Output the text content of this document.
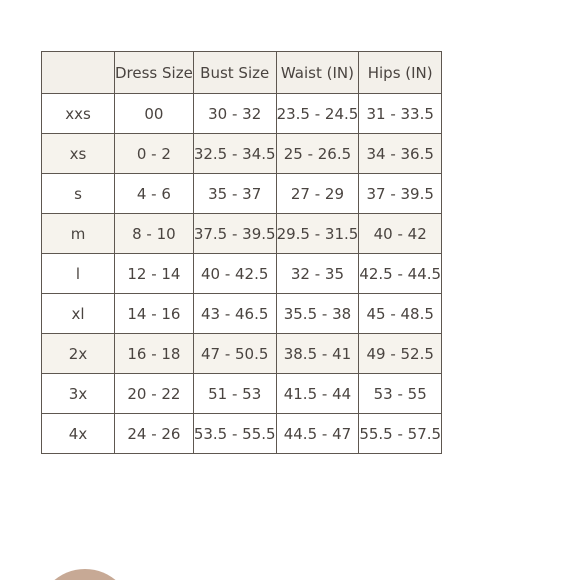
	Dress Size	Bust Size	Waist (IN)	Hips (IN)
xxs	00	30 - 32	23.5 - 24.5	31 - 33.5
xs	0 - 2	32.5 - 34.5	25 - 26.5	34 - 36.5
s	4 - 6	35 - 37	27 - 29	37 - 39.5
m	8 - 10	37.5 - 39.5	29.5 - 31.5	40 - 42
l	12 - 14	40 - 42.5	32 - 35	42.5 - 44.5
xl	14 - 16	43 - 46.5	35.5 - 38	45 - 48.5
2x	16 - 18	47 - 50.5	38.5 - 41	49 - 52.5
3x	20 - 22	51 - 53	41.5 - 44	53 - 55
4x	24 - 26	53.5 - 55.5	44.5 - 47	55.5 - 57.5
